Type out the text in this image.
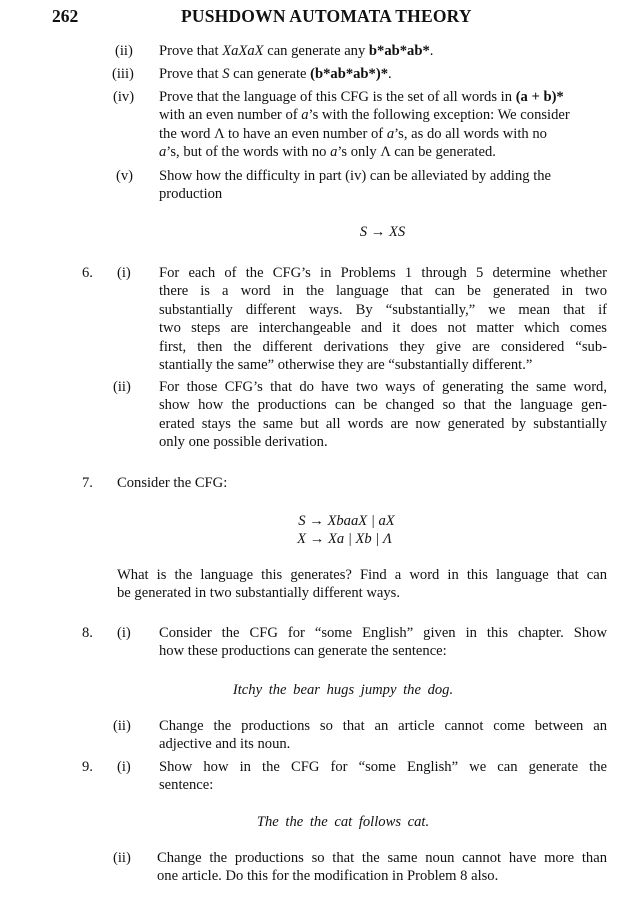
262	PUSHDOWN AUTOMATA THEORY
(ii) Prove that XaXaX can generate any b*ab*ab*.
(iii) Prove that S can generate (b*ab*ab*)*.
(iv) Prove that the language of this CFG is the set of all words in (a + b)*
with an even number of a’s with the following exception: We consider
the word Λ to have an even number of a’s, as do all words with no
a’s, but of the words with no a’s only Λ can be generated.
(v) Show how the difficulty in part (iv) can be alleviated by adding the
production
S → XS
6. (i) For each of the CFG’s in Problems 1 through 5 determine whether
there is a word in the language that can be generated in two
substantially different ways. By “substantially,” we mean that if
two steps are interchangeable and it does not matter which comes
first, then the different derivations they give are considered “sub-
stantially the same” otherwise they are “substantially different.”
(ii) For those CFG’s that do have two ways of generating the same word,
show how the productions can be changed so that the language gen-
erated stays the same but all words are now generated by substantially
only one possible derivation.
7. Consider the CFG:
S → XbaaX | aX
X → Xa | Xb | Λ
What is the language this generates? Find a word in this language that can
be generated in two substantially different ways.
8. (i) Consider the CFG for “some English” given in this chapter. Show
how these productions can generate the sentence:
Itchy the bear hugs jumpy the dog.
(ii) Change the productions so that an article cannot come between an
adjective and its noun.
9. (i) Show how in the CFG for “some English” we can generate the
sentence:
The the the cat follows cat.
(ii) Change the productions so that the same noun cannot have more than
one article. Do this for the modification in Problem 8 also.
